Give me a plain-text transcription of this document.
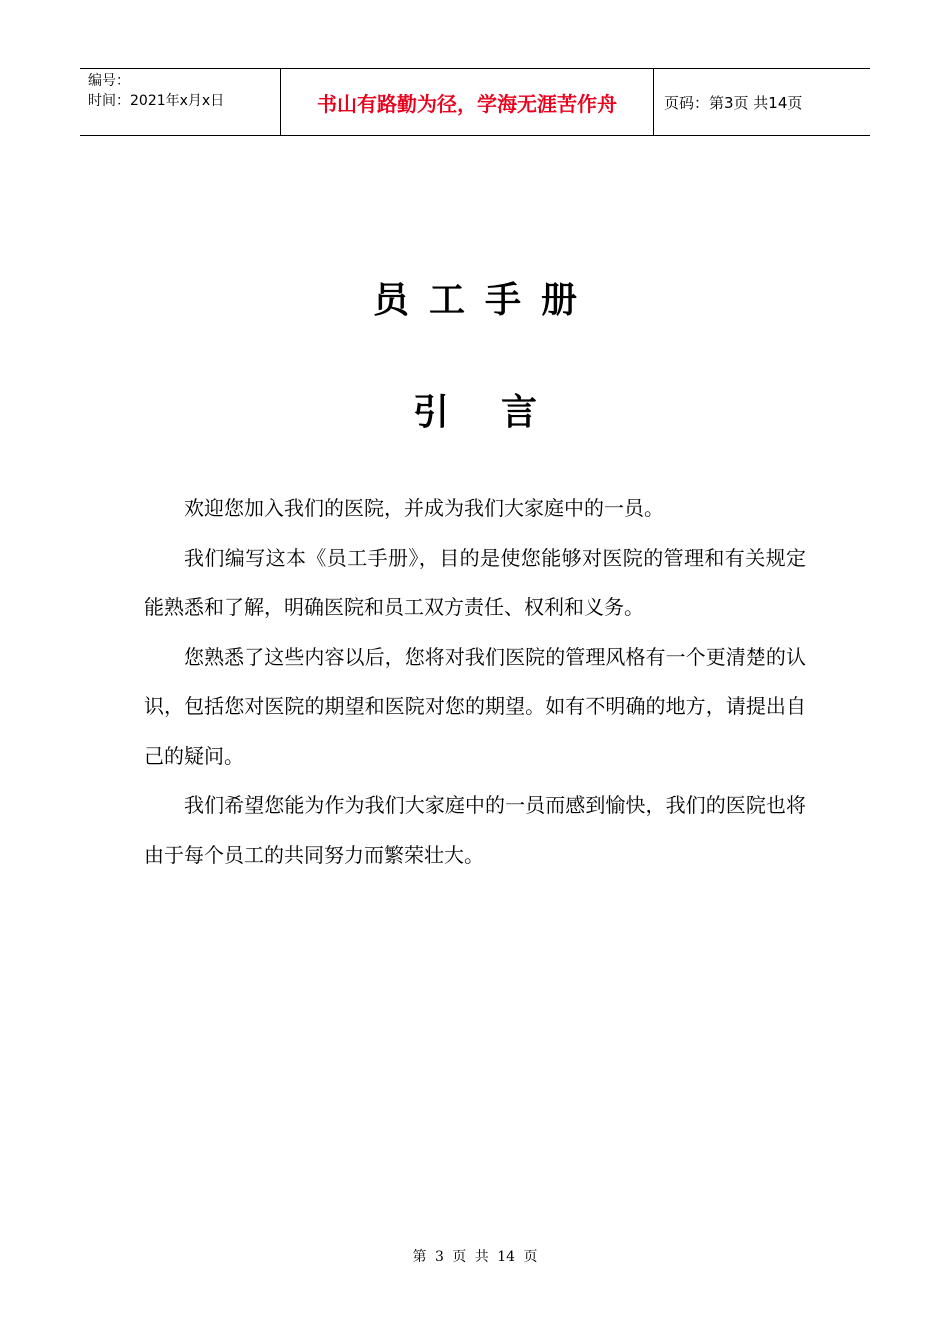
编号：
时间：2021年x月x日	书山有路勤为径，学海无涯苦作舟	页码：第3页 共14页
员工手册
引言

欢迎您加入我们的医院，并成为我们大家庭中的一员。

我们编写这本《员工手册》，目的是使您能够对医院的管理和有关规定能熟悉和了解，明确医院和员工双方责任、权利和义务。

您熟悉了这些内容以后，您将对我们医院的管理风格有一个更清楚的认识，包括您对医院的期望和医院对您的期望。如有不明确的地方，请提出自己的疑问。

我们希望您能为作为我们大家庭中的一员而感到愉快，我们的医院也将由于每个员工的共同努力而繁荣壮大。

第 3 页 共 14 页
